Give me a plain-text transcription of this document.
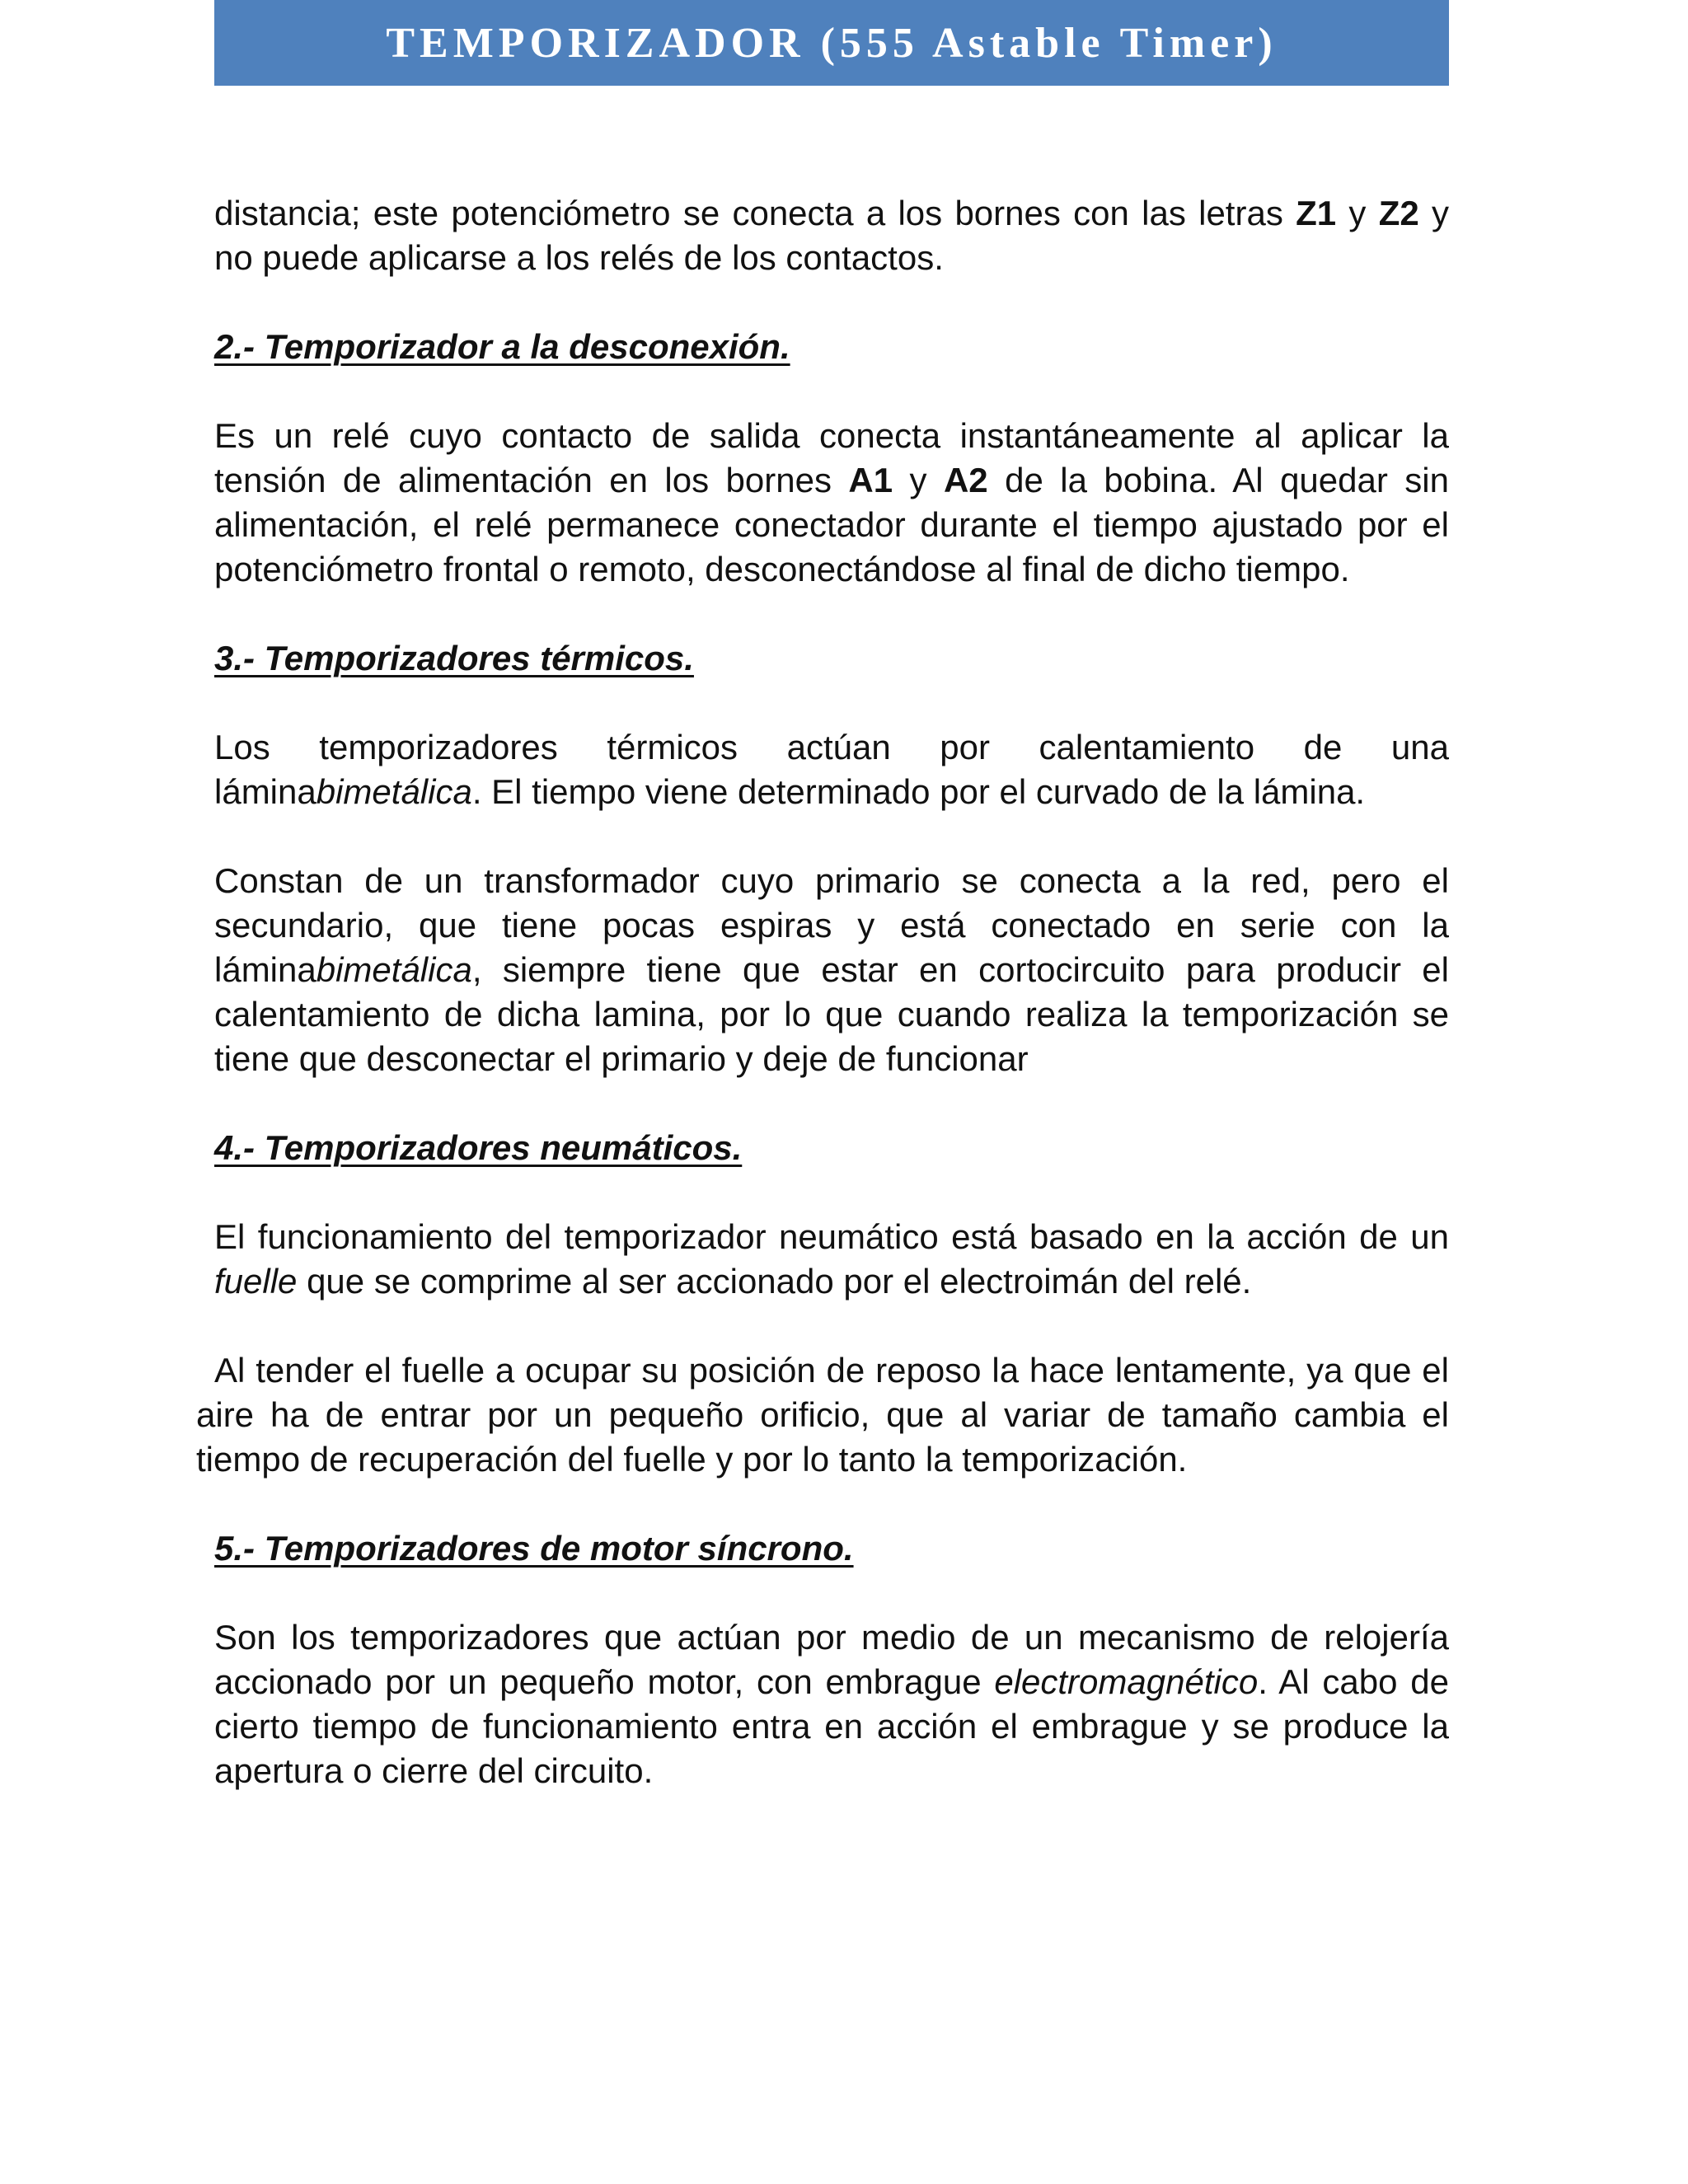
TEMPORIZADOR (555 Astable Timer)

distancia; este potenciómetro se conecta a los bornes con las letras Z1 y Z2 y no puede aplicarse a los relés de los contactos.

2.- Temporizador a la desconexión.

Es un relé cuyo contacto de salida conecta instantáneamente al aplicar la tensión de alimentación en los bornes A1 y A2 de la bobina. Al quedar sin alimentación, el relé permanece conectador durante el tiempo ajustado por el potenciómetro frontal o remoto, desconectándose al final de dicho tiempo.

3.- Temporizadores térmicos.

Los temporizadores térmicos actúan por calentamiento de una láminabimetálica. El tiempo viene determinado por el curvado de la lámina.

Constan de un transformador cuyo primario se conecta a la red, pero el secundario, que tiene pocas espiras y está conectado en serie con la láminabimetálica, siempre tiene que estar en cortocircuito para producir el calentamiento de dicha lamina, por lo que cuando realiza la temporización se tiene que desconectar el primario y deje de funcionar

4.- Temporizadores neumáticos.

El funcionamiento del temporizador neumático está basado en la acción de un fuelle que se comprime al ser accionado por el electroimán del relé.

Al tender el fuelle a ocupar su posición de reposo la hace lentamente, ya que el aire ha de entrar por un pequeño orificio, que al variar de tamaño cambia el tiempo de recuperación del fuelle y por lo tanto la temporización.

5.- Temporizadores de motor síncrono.

Son los temporizadores que actúan por medio de un mecanismo de relojería accionado por un pequeño motor, con embrague electromagnético. Al cabo de cierto tiempo de funcionamiento entra en acción el embrague y se produce la apertura o cierre del circuito.
